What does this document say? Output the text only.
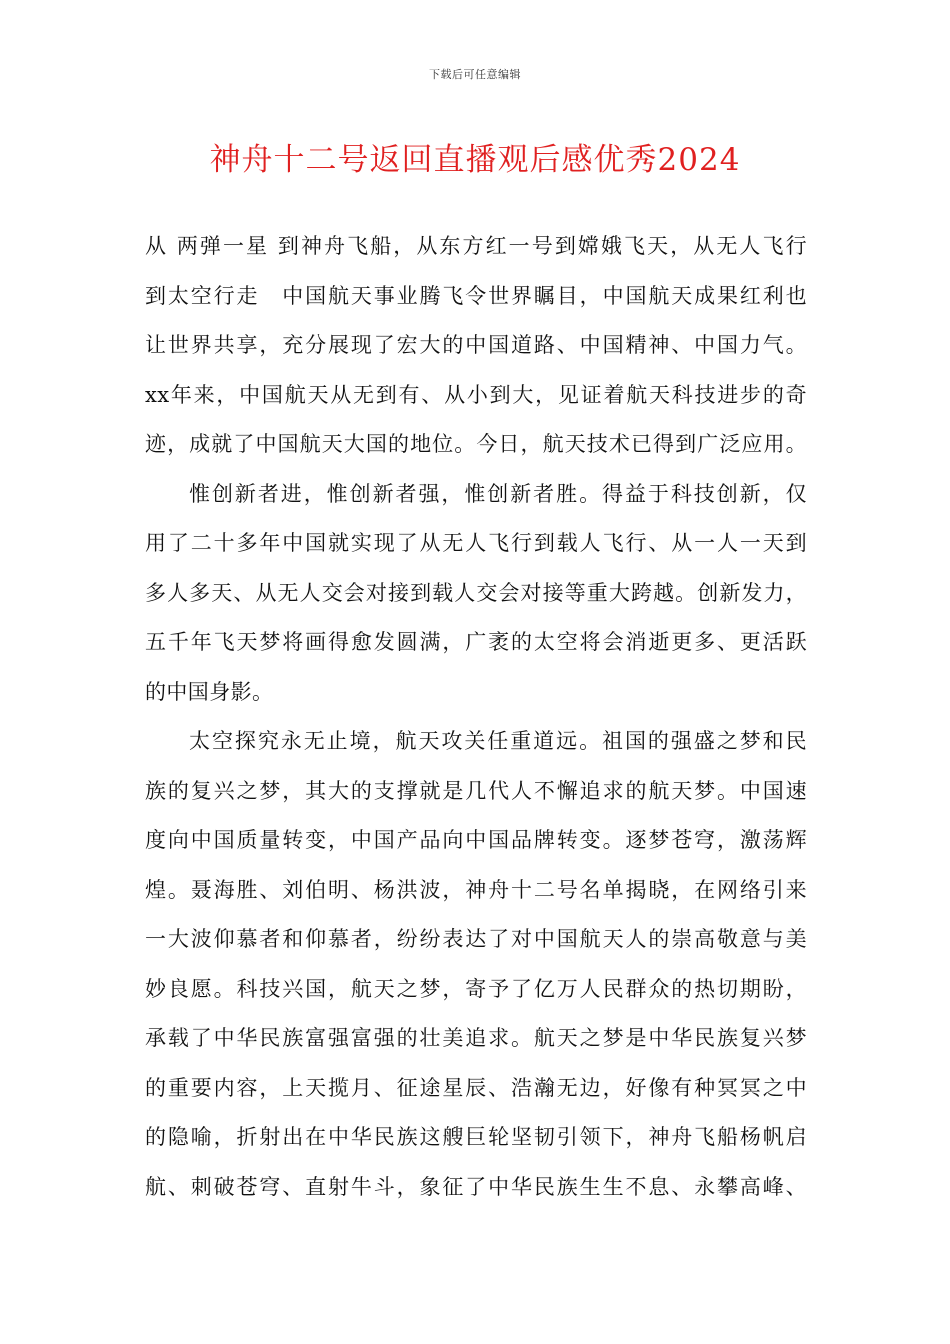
下载后可任意编辑
神舟十二号返回直播观后感优秀2024
从 两弹一星 到神舟飞船，从东方红一号到嫦娥飞天，从无人飞行
到太空行走　中国航天事业腾飞令世界瞩目，中国航天成果红利也
让世界共享，充分展现了宏大的中国道路、中国精神、中国力气。
xx年来，中国航天从无到有、从小到大，见证着航天科技进步的奇
迹，成就了中国航天大国的地位。今日，航天技术已得到广泛应用。
惟创新者进，惟创新者强，惟创新者胜。得益于科技创新，仅
用了二十多年中国就实现了从无人飞行到载人飞行、从一人一天到
多人多天、从无人交会对接到载人交会对接等重大跨越。创新发力，
五千年飞天梦将画得愈发圆满，广袤的太空将会消逝更多、更活跃
的中国身影。
太空探究永无止境，航天攻关任重道远。祖国的强盛之梦和民
族的复兴之梦，其大的支撑就是几代人不懈追求的航天梦。中国速
度向中国质量转变，中国产品向中国品牌转变。逐梦苍穹，激荡辉
煌。聂海胜、刘伯明、杨洪波，神舟十二号名单揭晓，在网络引来
一大波仰慕者和仰慕者，纷纷表达了对中国航天人的崇高敬意与美
妙良愿。科技兴国，航天之梦，寄予了亿万人民群众的热切期盼，
承载了中华民族富强富强的壮美追求。航天之梦是中华民族复兴梦
的重要内容，上天揽月、征途星辰、浩瀚无边，好像有种冥冥之中
的隐喻，折射出在中华民族这艘巨轮坚韧引领下，神舟飞船杨帆启
航、刺破苍穹、直射牛斗，象征了中华民族生生不息、永攀高峰、
